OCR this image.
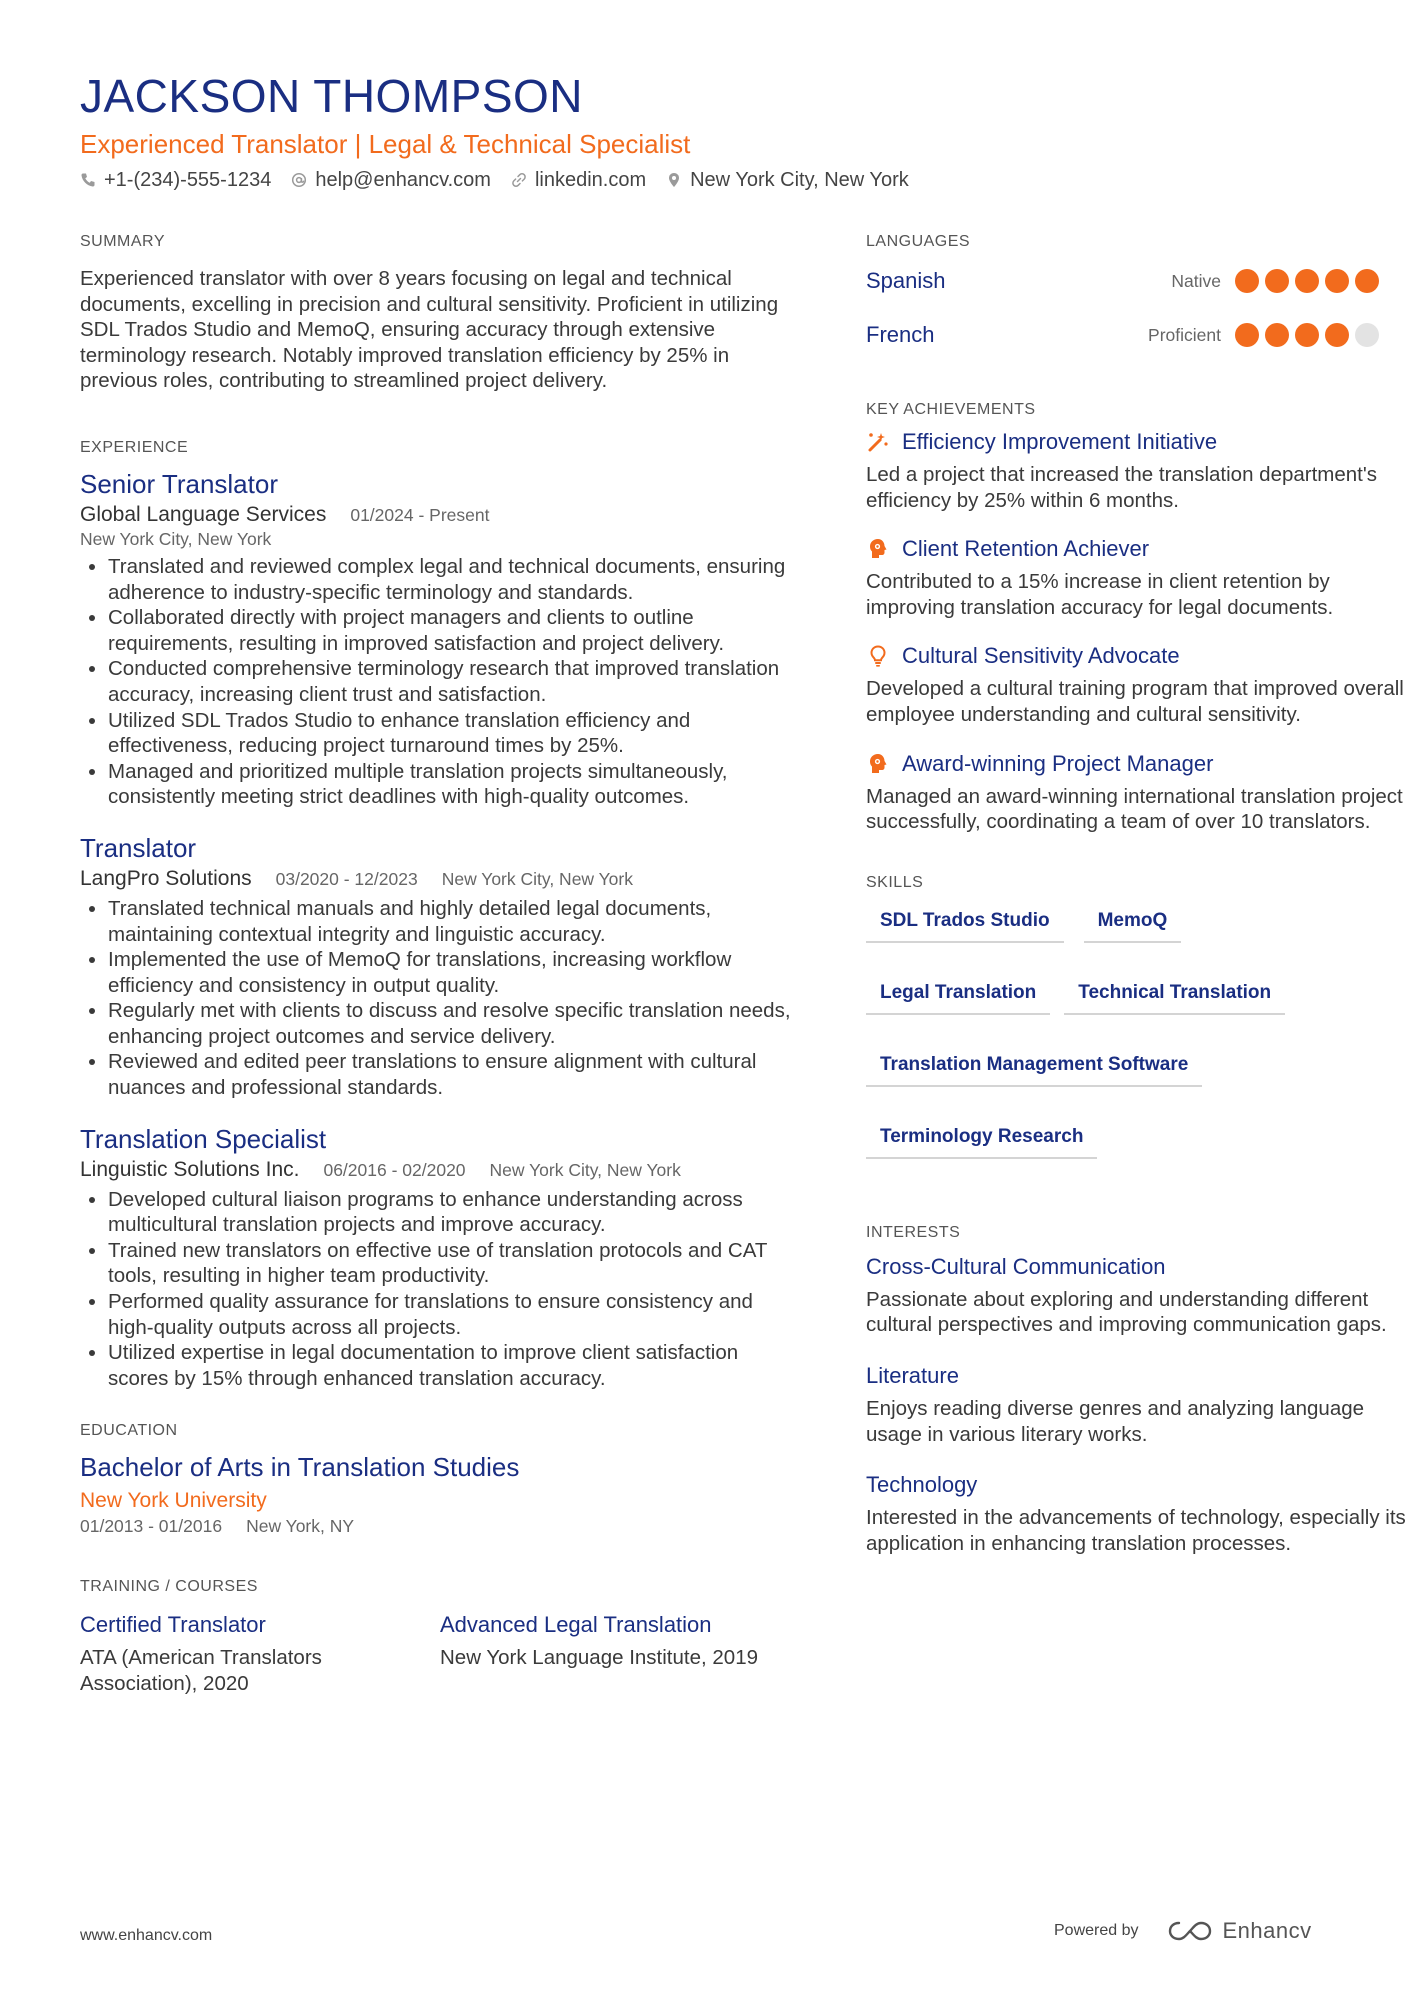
JACKSON THOMPSON
Experienced Translator | Legal & Technical Specialist
+1-(234)-555-1234 help@enhancv.com linkedin.com New York City, New York
SUMMARY

Experienced translator with over 8 years focusing on legal and technical documents, excelling in precision and cultural sensitivity. Proficient in utilizing SDL Trados Studio and MemoQ, ensuring accuracy through extensive terminology research. Notably improved translation efficiency by 25% in previous roles, contributing to streamlined project delivery.

EXPERIENCE
Senior Translator
Global Language Services 01/2024 - Present
New York City, New York
• Translated and reviewed complex legal and technical documents, ensuring adherence to industry-specific terminology and standards.
• Collaborated directly with project managers and clients to outline requirements, resulting in improved satisfaction and project delivery.
• Conducted comprehensive terminology research that improved translation accuracy, increasing client trust and satisfaction.
• Utilized SDL Trados Studio to enhance translation efficiency and effectiveness, reducing project turnaround times by 25%.
• Managed and prioritized multiple translation projects simultaneously, consistently meeting strict deadlines with high-quality outcomes.
Translator
LangPro Solutions 03/2020 - 12/2023 New York City, New York
• Translated technical manuals and highly detailed legal documents, maintaining contextual integrity and linguistic accuracy.
• Implemented the use of MemoQ for translations, increasing workflow efficiency and consistency in output quality.
• Regularly met with clients to discuss and resolve specific translation needs, enhancing project outcomes and service delivery.
• Reviewed and edited peer translations to ensure alignment with cultural nuances and professional standards.
Translation Specialist
Linguistic Solutions Inc. 06/2016 - 02/2020 New York City, New York
• Developed cultural liaison programs to enhance understanding across multicultural translation projects and improve accuracy.
• Trained new translators on effective use of translation protocols and CAT tools, resulting in higher team productivity.
• Performed quality assurance for translations to ensure consistency and high-quality outputs across all projects.
• Utilized expertise in legal documentation to improve client satisfaction scores by 15% through enhanced translation accuracy.
EDUCATION
Bachelor of Arts in Translation Studies
New York University
01/2013 - 01/2016 New York, NY
TRAINING / COURSES
Certified Translator
ATA (American Translators Association), 2020
Advanced Legal Translation
New York Language Institute, 2019
LANGUAGES
Spanish	Native
French	Proficient
KEY ACHIEVEMENTS
Efficiency Improvement Initiative
Led a project that increased the translation department's efficiency by 25% within 6 months.
Client Retention Achiever
Contributed to a 15% increase in client retention by improving translation accuracy for legal documents.
Cultural Sensitivity Advocate
Developed a cultural training program that improved overall employee understanding and cultural sensitivity.
Award-winning Project Manager
Managed an award-winning international translation project successfully, coordinating a team of over 10 translators.
SKILLS
SDL Trados Studio	MemoQ
Legal Translation	Technical Translation
Translation Management Software
Terminology Research
INTERESTS
Cross-Cultural Communication
Passionate about exploring and understanding different cultural perspectives and improving communication gaps.
Literature
Enjoys reading diverse genres and analyzing language usage in various literary works.
Technology
Interested in the advancements of technology, especially its application in enhancing translation processes.
www.enhancv.com	Powered by	Enhancv
